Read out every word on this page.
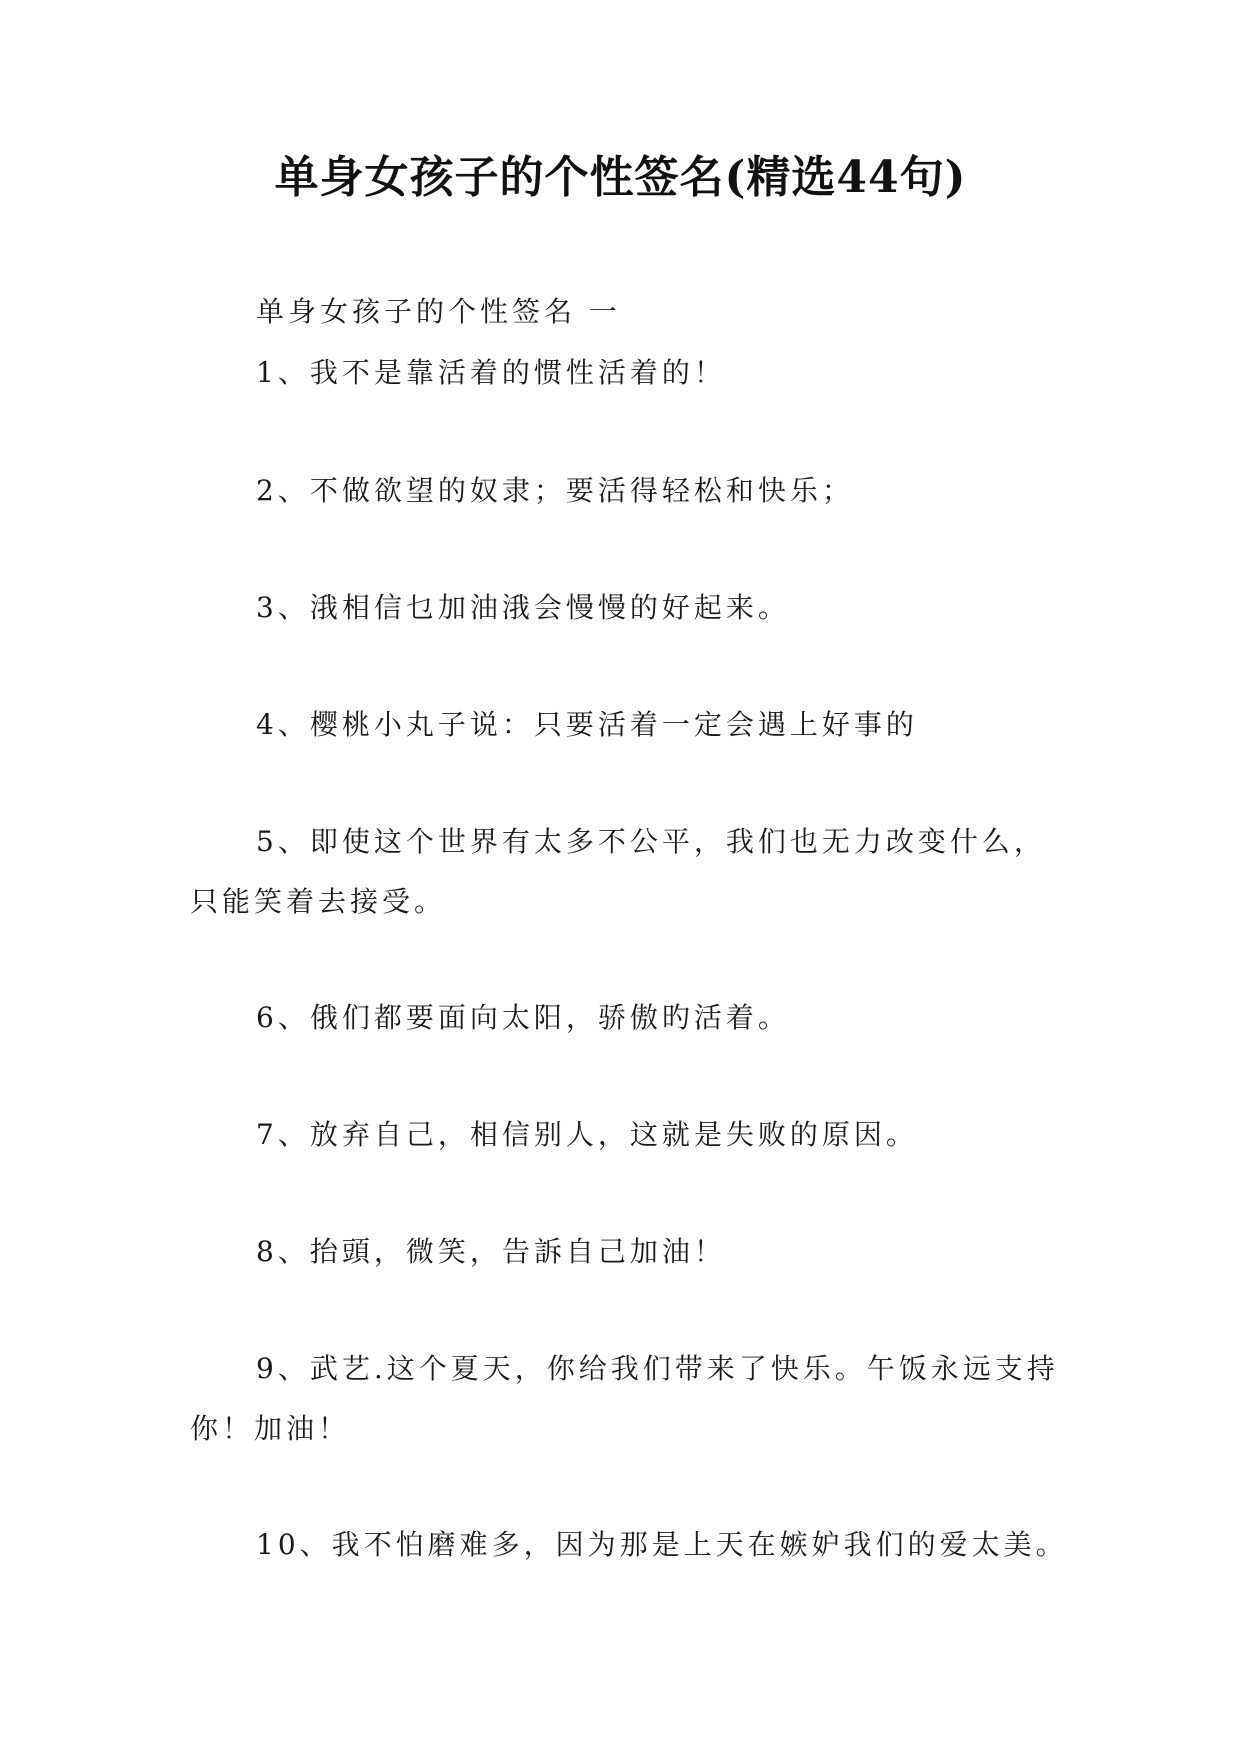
单身女孩子的个性签名(精选44句)
单身女孩子的个性签名 一
1、我不是靠活着的惯性活着的！
2、不做欲望的奴隶；要活得轻松和快乐；
3、涐相信乜加油涐会慢慢的好起来。
4、樱桃小丸子说：只要活着一定会遇上好事的
5、即使这个世界有太多不公平，我们也无力改变什么，只能笑着去接受。
6、俄们都要面向太阳，骄傲旳活着。
7、放弃自己，相信别人，这就是失败的原因。
8、抬頭，微笑，告訴自己加油！
9、武艺.这个夏天，你给我们带来了快乐。午饭永远支持你！加油！
10、我不怕磨难多，因为那是上天在嫉妒我们的爱太美。
